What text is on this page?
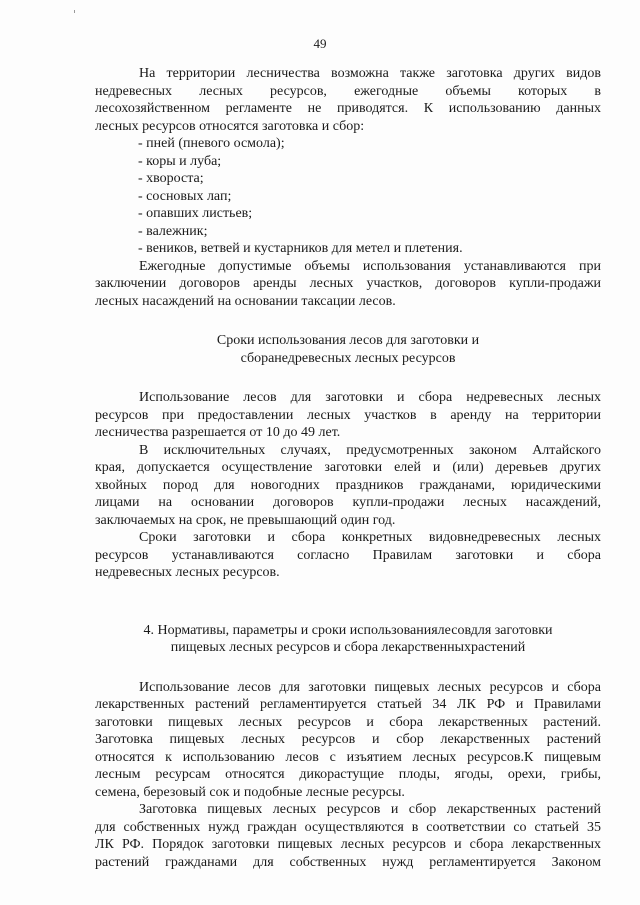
49

На территории лесничества возможна также заготовка других видов

недревесных лесных ресурсов, ежегодные объемы которых в

лесохозяйственном регламенте не приводятся. К использованию данных

лесных ресурсов относятся заготовка и сбор:

- пней (пневого осмола);

- коры и луба;

- хвороста;

- сосновых лап;

- опавших листьев;

- валежник;

- веников, ветвей и кустарников для метел и плетения.

Ежегодные допустимые объемы использования устанавливаются при

заключении договоров аренды лесных участков, договоров купли-продажи

лесных насаждений на основании таксации лесов.

Сроки использования лесов для заготовки и

сборанедревесных лесных ресурсов

Использование лесов для заготовки и сбора недревесных лесных

ресурсов при предоставлении лесных участков в аренду на территории

лесничества разрешается от 10 до 49 лет.

В исключительных случаях, предусмотренных законом Алтайского

края, допускается осуществление заготовки елей и (или) деревьев других

хвойных пород для новогодних праздников гражданами, юридическими

лицами на основании договоров купли-продажи лесных насаждений,

заключаемых на срок, не превышающий один год.

Сроки заготовки и сбора конкретных видовнедревесных лесных

ресурсов устанавливаются согласно Правилам заготовки и сбора

недревесных лесных ресурсов.

4. Нормативы, параметры и сроки использованиялесовдля заготовки

пищевых лесных ресурсов и сбора лекарственныхрастений

Использование лесов для заготовки пищевых лесных ресурсов и сбора

лекарственных растений регламентируется статьей 34 ЛК РФ и Правилами

заготовки пищевых лесных ресурсов и сбора лекарственных растений.

Заготовка пищевых лесных ресурсов и сбор лекарственных растений

относятся к использованию лесов с изъятием лесных ресурсов.К пищевым

лесным ресурсам относятся дикорастущие плоды, ягоды, орехи, грибы,

семена, березовый сок и подобные лесные ресурсы.

Заготовка пищевых лесных ресурсов и сбор лекарственных растений

для собственных нужд граждан осуществляются в соответствии со статьей 35

ЛК РФ. Порядок заготовки пищевых лесных ресурсов и сбора лекарственных

растений гражданами для собственных нужд регламентируется Законом
